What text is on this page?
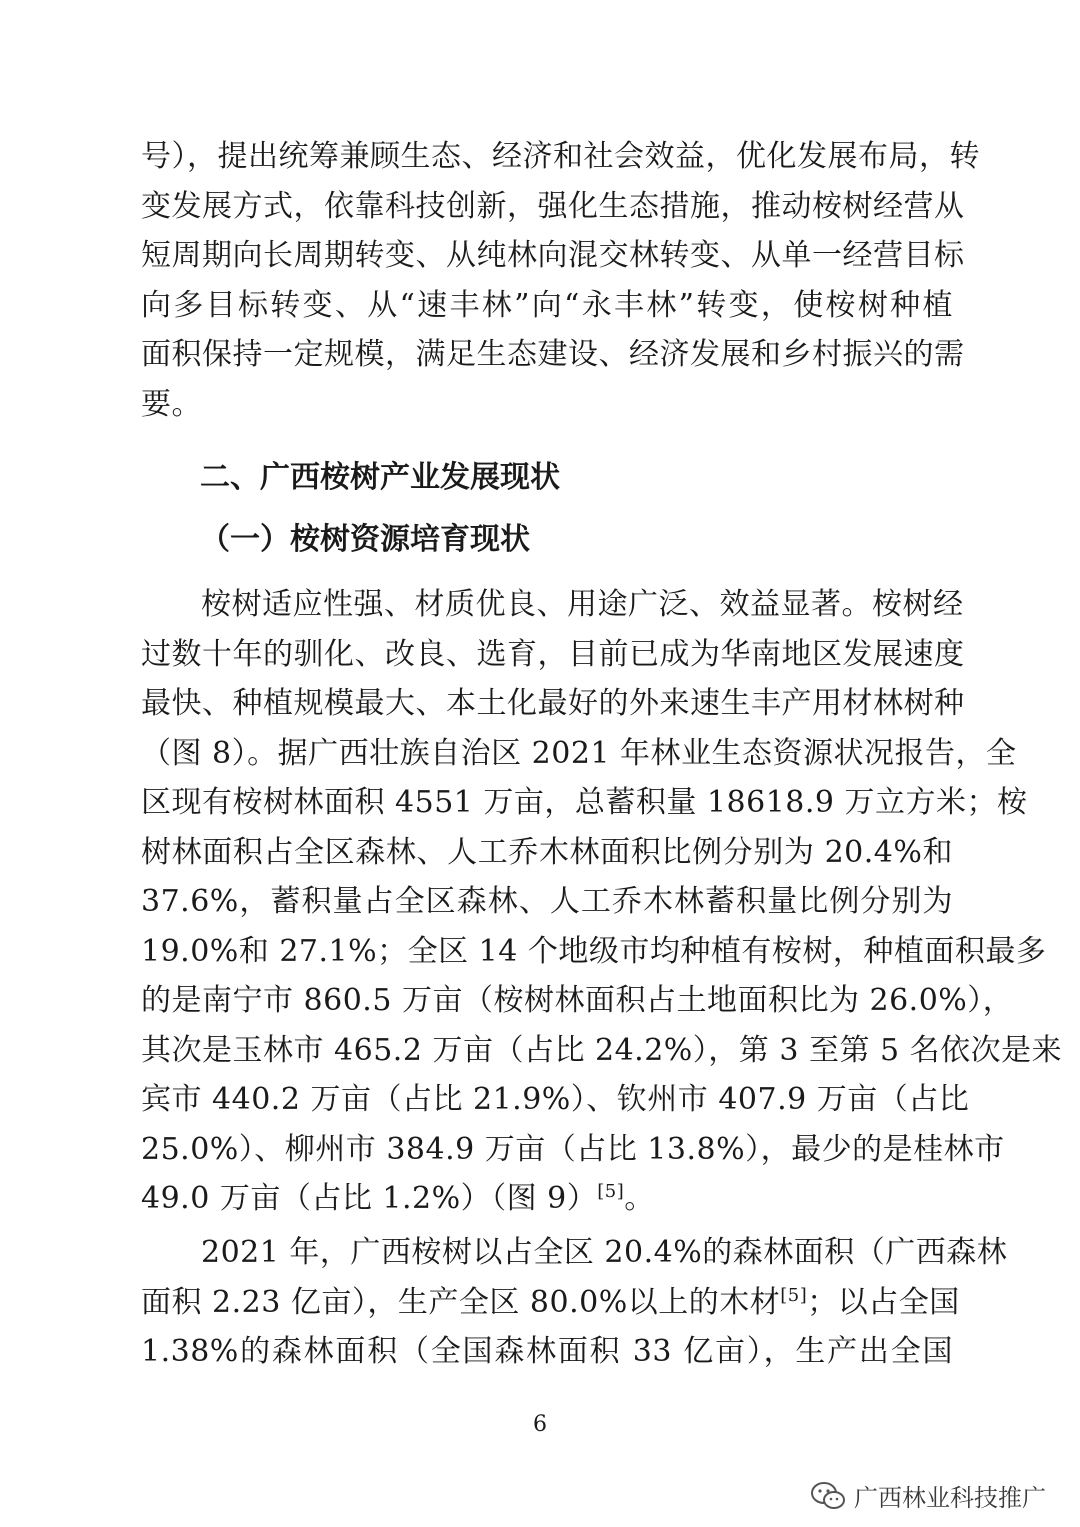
号），提出统筹兼顾生态、经济和社会效益，优化发展布局，转
变发展方式，依靠科技创新，强化生态措施，推动桉树经营从
短周期向长周期转变、从纯林向混交林转变、从单一经营目标
向多目标转变、从“速丰林”向“永丰林”转变，使桉树种植
面积保持一定规模，满足生态建设、经济发展和乡村振兴的需
要。
二、广西桉树产业发展现状
（一）桉树资源培育现状
桉树适应性强、材质优良、用途广泛、效益显著。桉树经
过数十年的驯化、改良、选育，目前已成为华南地区发展速度
最快、种植规模最大、本土化最好的外来速生丰产用材林树种
（图 8）。据广西壮族自治区 2021 年林业生态资源状况报告，全
区现有桉树林面积 4551 万亩，总蓄积量 18618.9 万立方米；桉
树林面积占全区森林、人工乔木林面积比例分别为 20.4%和
37.6%，蓄积量占全区森林、人工乔木林蓄积量比例分别为
19.0%和 27.1%；全区 14 个地级市均种植有桉树，种植面积最多
的是南宁市 860.5 万亩（桉树林面积占土地面积比为 26.0%），
其次是玉林市 465.2 万亩（占比 24.2%），第 3 至第 5 名依次是来
宾市 440.2 万亩（占比 21.9%）、钦州市 407.9 万亩（占比
25.0%）、柳州市 384.9 万亩（占比 13.8%），最少的是桂林市
49.0 万亩（占比 1.2%）（图 9）[5]。
2021 年，广西桉树以占全区 20.4%的森林面积（广西森林
面积 2.23 亿亩），生产全区 80.0%以上的木材[5]；以占全国
1.38%的森林面积（全国森林面积 33 亿亩），生产出全国
6
广西林业科技推广
